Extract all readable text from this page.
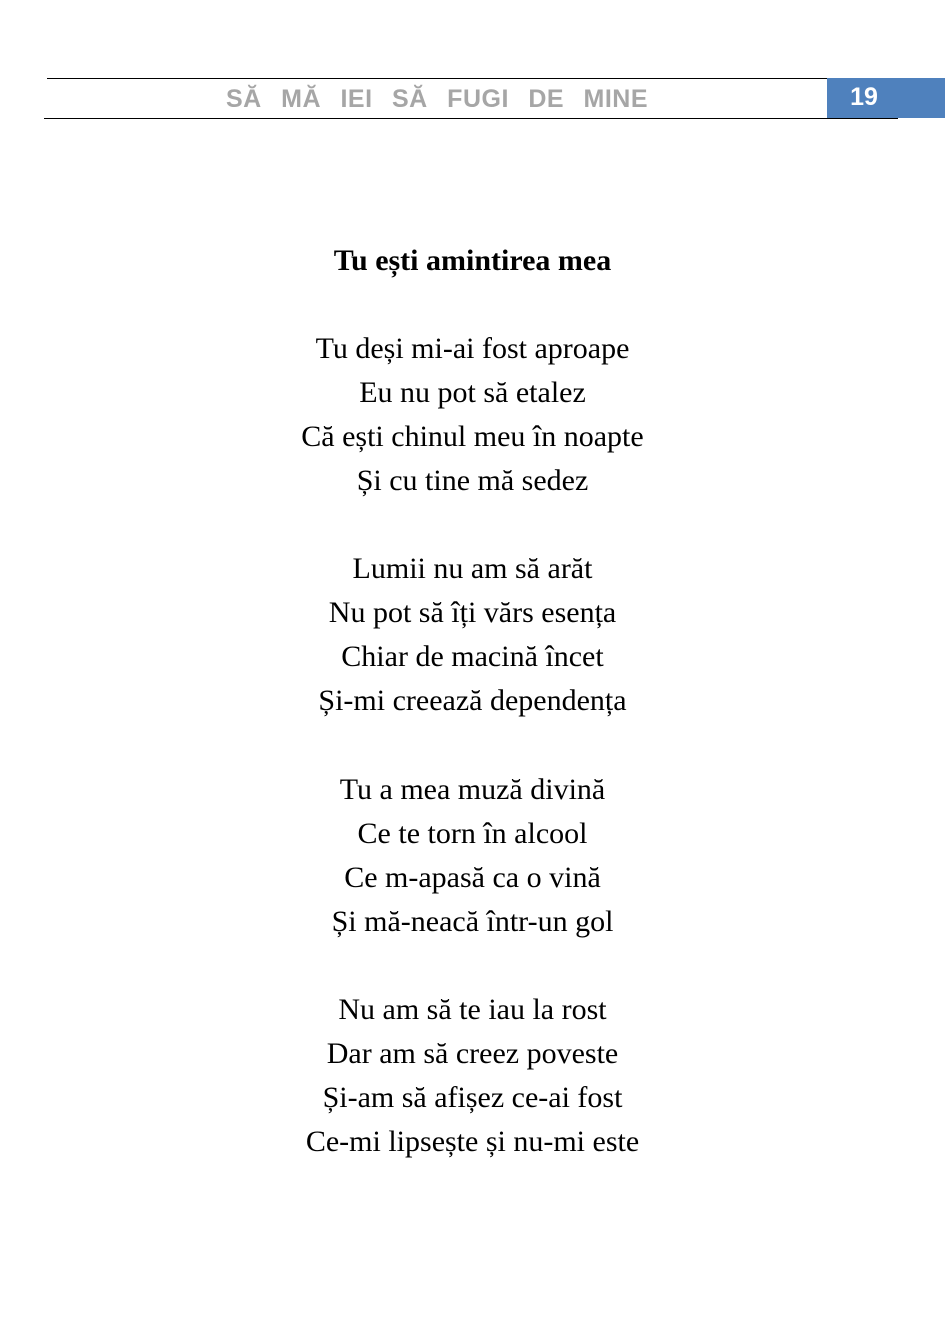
SĂ MĂ IEI SĂ FUGI DE MINE	19
Tu ești amintirea mea
Tu deși mi-ai fost aproape
Eu nu pot să etalez
Că ești chinul meu în noapte
Și cu tine mă sedez
Lumii nu am să arăt
Nu pot să îți vărs esența
Chiar de macină încet
Și-mi creează dependența
Tu a mea muză divină
Ce te torn în alcool
Ce m-apasă ca o vină
Și mă-neacă într-un gol
Nu am să te iau la rost
Dar am să creez poveste
Și-am să afișez ce-ai fost
Ce-mi lipsește și nu-mi este
